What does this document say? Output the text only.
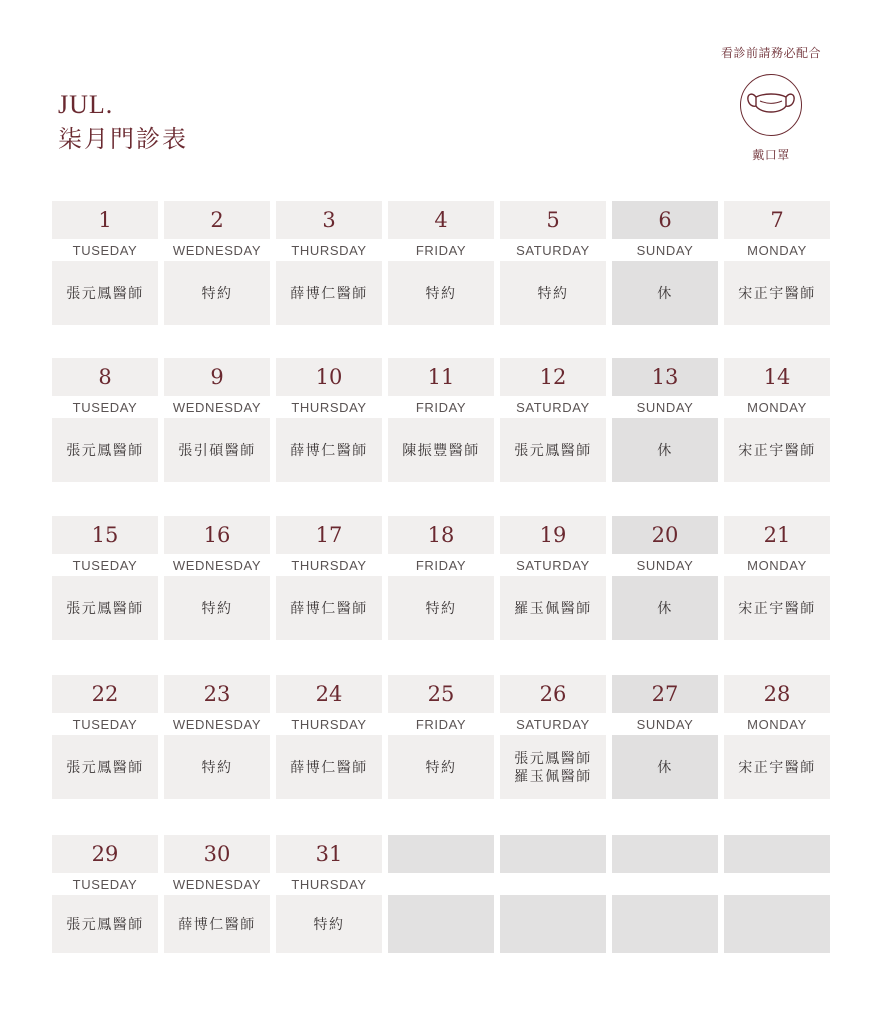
JUL.
柒月門診表
看診前請務必配合
戴口罩
1
TUSEDAY
張元鳳醫師
2
WEDNESDAY
特約
3
THURSDAY
薛博仁醫師
4
FRIDAY
特約
5
SATURDAY
特約
6
SUNDAY
休
7
MONDAY
宋正宇醫師
8
TUSEDAY
張元鳳醫師
9
WEDNESDAY
張引碩醫師
10
THURSDAY
薛博仁醫師
11
FRIDAY
陳振豐醫師
12
SATURDAY
張元鳳醫師
13
SUNDAY
休
14
MONDAY
宋正宇醫師
15
TUSEDAY
張元鳳醫師
16
WEDNESDAY
特約
17
THURSDAY
薛博仁醫師
18
FRIDAY
特約
19
SATURDAY
羅玉佩醫師
20
SUNDAY
休
21
MONDAY
宋正宇醫師
22
TUSEDAY
張元鳳醫師
23
WEDNESDAY
特約
24
THURSDAY
薛博仁醫師
25
FRIDAY
特約
26
SATURDAY
張元鳳醫師
羅玉佩醫師
27
SUNDAY
休
28
MONDAY
宋正宇醫師
29
TUSEDAY
張元鳳醫師
30
WEDNESDAY
薛博仁醫師
31
THURSDAY
特約
